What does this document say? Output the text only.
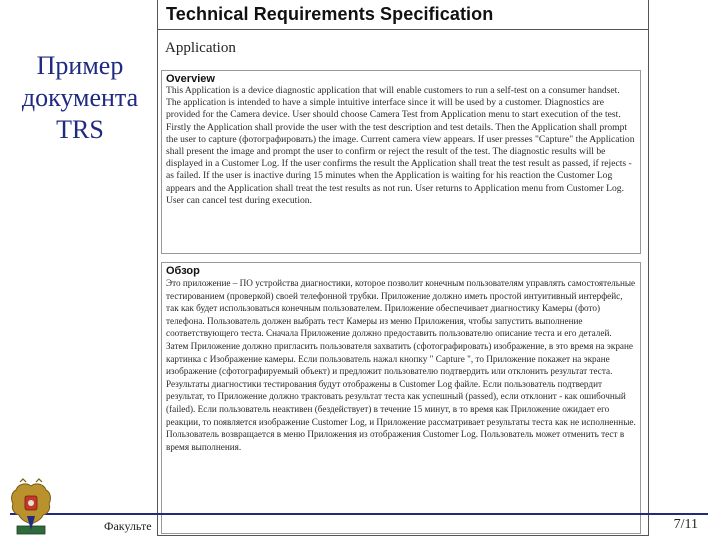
Пример
документа
TRS
Technical Requirements Specification
Application

Overview

This Application is a device diagnostic application that will enable customers to run a self-test on a consumer handset. The application is intended to have a simple intuitive interface since it will be used by a customer. Diagnostics are provided for the Camera device. User should choose Camera Test from Application menu to start execution of the test. Firstly the Application shall provide the user with the test description and test details. Then the Application shall prompt the user to capture (фотографировать) the image. Current camera view appears. If user presses "Capture" the Application shall present the image and prompt the user to confirm or reject the result of the test. The diagnostic results will be displayed in a Customer Log. If the user confirms the result the Application shall treat the test result as passed, if rejects - as failed. If the user is inactive during 15 minutes when the Application is waiting for his reaction the Customer Log appears and the Application shall treat the test results as not run. User returns to Application menu from Customer Log. User can cancel test during execution.

Обзор

Это приложение – ПО устройства диагностики, которое позволит конечным пользователям управлять самостоятельные тестированием (проверкой) своей телефонной трубки. Приложение должно иметь простой интуитивный интерфейс, так как будет использоваться конечным пользователем. Приложение обеспечивает диагностику Камеры (фото) телефона. Пользователь должен выбрать тест Камеры из меню Приложения, чтобы запустить выполнение соответствующего теста. Сначала Приложение должно предоставить пользователю описание теста и его деталей. Затем Приложение должно пригласить пользователя захватить (сфотографировать) изображение, в это время на экране картинка с Изображение камеры. Если пользователь нажал кнопку " Capture ", то Приложение покажет на экране изображение (сфотографируемый объект) и предложит пользователю подтвердить или отклонить результат теста. Результаты диагностики тестирования будут отображены в Customer Log файле. Если пользователь подтвердит результат, то Приложение должно трактовать результат теста как успешный (passed), если отклонит - как ошибочный (failed). Если пользователь неактивен (бездействует) в течение 15 минут, в то время как Приложение ожидает его реакции, то появляется изображение Customer Log, и Приложение рассматривает результаты теста как не исполненные. Пользователь возвращается в меню Приложения из отображения Customer Log. Пользователь может отменить тест в время выполнения.

Факульте	7/11
